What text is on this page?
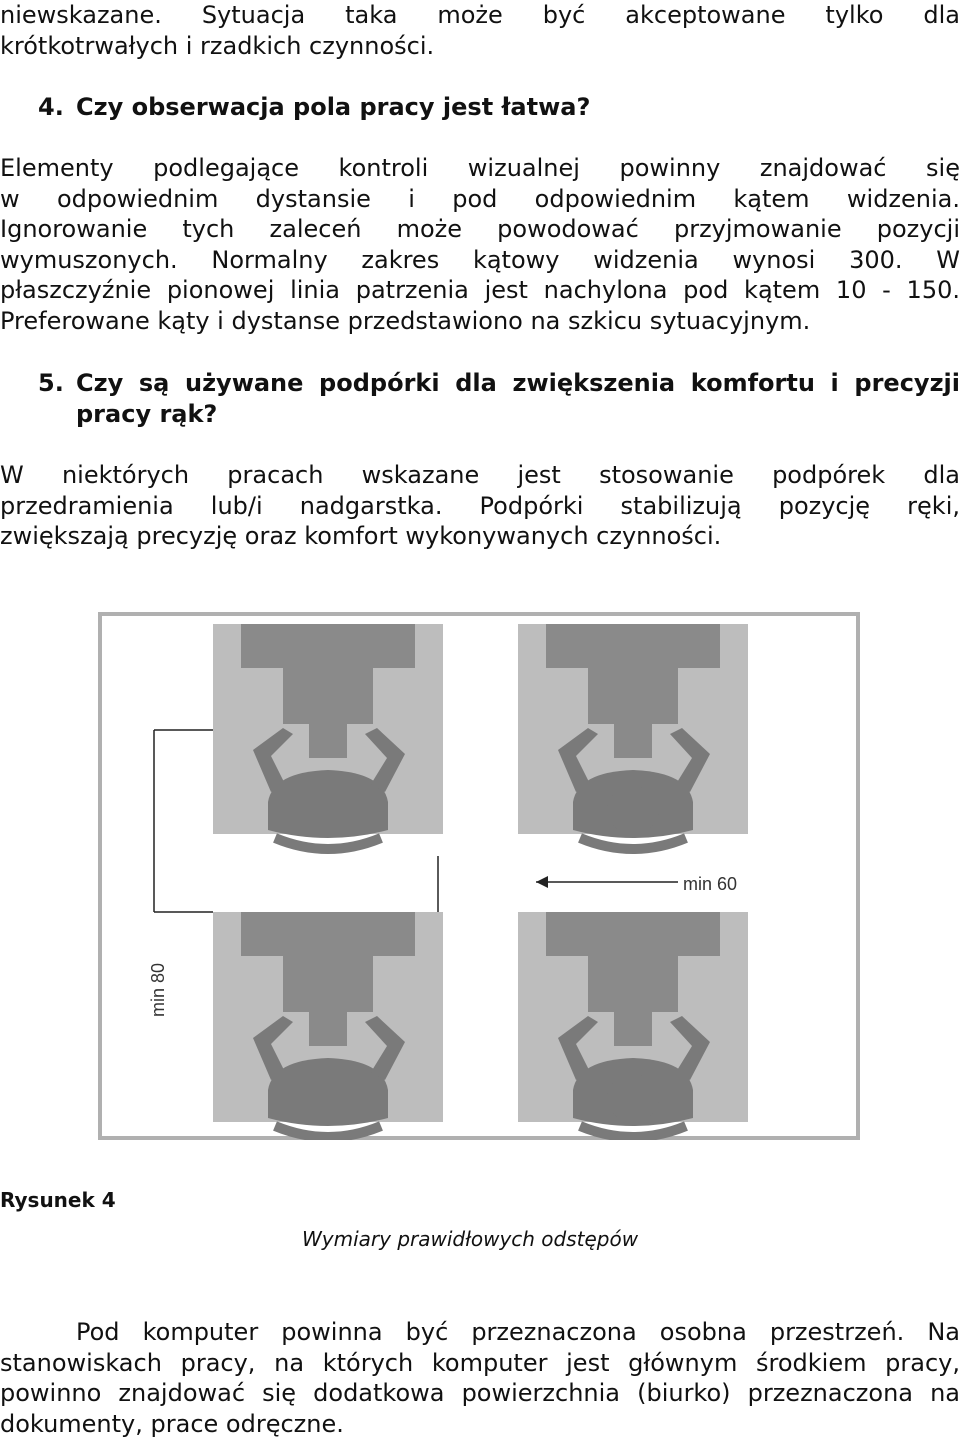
niewskazane. Sytuacja taka może być akceptowane tylko dla
krótkotrwałych i rzadkich czynności.
4. Czy obserwacja pola pracy jest łatwa?
Elementy podlegające kontroli wizualnej powinny znajdować się
w odpowiednim dystansie i pod odpowiednim kątem widzenia.
Ignorowanie tych zaleceń może powodować przyjmowanie pozycji
wymuszonych. Normalny zakres kątowy widzenia wynosi 300. W
płaszczyźnie pionowej linia patrzenia jest nachylona pod kątem 10 - 150.
Preferowane kąty i dystanse przedstawiono na szkicu sytuacyjnym.
5. Czy są używane podpórki dla zwiększenia komfortu i precyzji
pracy rąk?
W niektórych pracach wskazane jest stosowanie podpórek dla
przedramienia lub/i nadgarstka. Podpórki stabilizują pozycję ręki,
zwiększają precyzję oraz komfort wykonywanych czynności.
min 60
min 80
Rysunek 4
Wymiary prawidłowych odstępów
Pod komputer powinna być przeznaczona osobna przestrzeń. Na
stanowiskach pracy, na których komputer jest głównym środkiem pracy,
powinno znajdować się dodatkowa powierzchnia (biurko) przeznaczona na
dokumenty, prace odręczne.
